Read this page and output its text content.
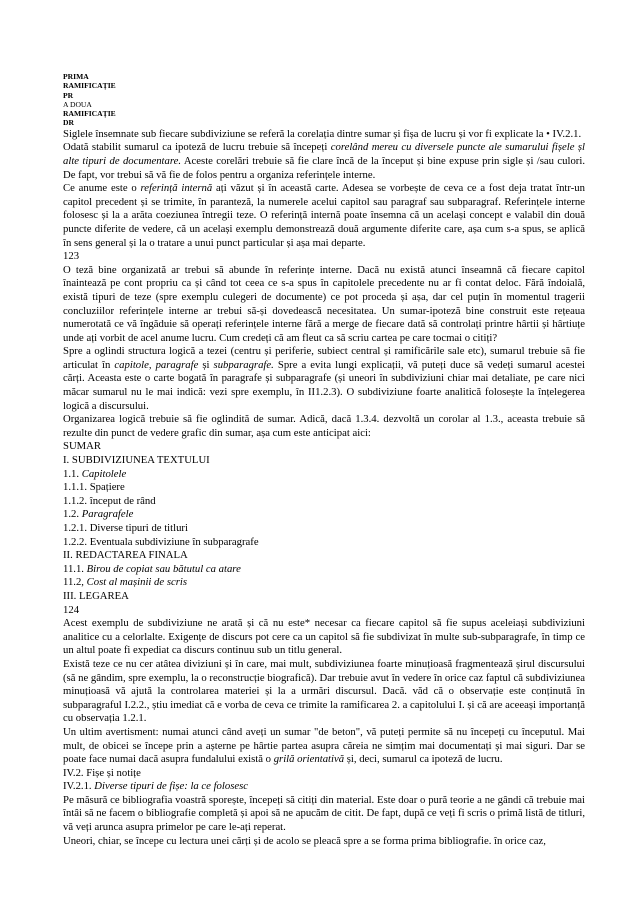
PRIMA
RAMIFICAȚIE
PR
A DOUA
RAMIFICAȚIE
DR
Siglele însemnate sub fiecare subdiviziune se referă la corelația dintre sumar și fișa de lucru și vor fi explicate la • IV.2.1.
Odată stabilit sumarul ca ipoteză de lucru trebuie să începeți corelând mereu cu diversele puncte ale sumarului fișele șl alte tipuri de documentare. Aceste corelări trebuie să fie clare încă de la început și bine expuse prin sigle și /sau culori. De fapt, vor trebui să vă fie de folos pentru a organiza referințele interne.
Ce anume este o referință internă ați văzut și în această carte. Adesea se vorbește de ceva ce a fost deja tratat într-un capitol precedent și se trimite, în paranteză, la numerele acelui capitol sau paragraf sau subparagraf. Referințele interne folosesc și la a arăta coeziunea întregii teze. O referință internă poate însemna că un același concept e valabil din două puncte diferite de vedere, că un același exemplu demonstrează două argumente diferite care, așa cum s-a spus, se aplică în sens general și la o tratare a unui punct particular și așa mai departe.
123
O teză bine organizată ar trebui să abunde în referințe interne. Dacă nu există atunci înseamnă că fiecare capitol înaintează pe cont propriu ca și când tot ceea ce s-a spus în capitolele precedente nu ar fi contat deloc. Fără îndoială, există tipuri de teze (spre exemplu culegeri de documente) ce pot proceda și așa, dar cel puțin în momentul tragerii concluziilor referințele interne ar trebui să-și dovedească necesitatea. Un sumar-ipoteză bine construit este rețeaua numerotată ce vă îngăduie să operați referințele interne fără a merge de fiecare dată să controlați printre hârtii și hârtiuțe unde ați vorbit de acel anume lucru. Cum credeți că am fleut ca să scriu cartea pe care tocmai o citiți?
Spre a oglindi structura logică a tezei (centru și periferie, subiect central și ramificările sale etc), sumarul trebuie să fie articulat în capitole, paragrafe și subparagrafe. Spre a evita lungi explicații, vă puteți duce să vedeți sumarul acestei cărți. Aceasta este o carte bogată în paragrafe și subparagrafe (și uneori în subdiviziuni chiar mai detaliate, pe care nici măcar sumarul nu le mai indică: vezi spre exemplu, în II1.2.3). O subdiviziune foarte analitică folosește la înțelegerea logică a discursului.
Organizarea logică trebuie să fie oglindită de sumar. Adică, dacă 1.3.4. dezvoltă un corolar al 1.3., aceasta trebuie să rezulte din punct de vedere grafic din sumar, așa cum este anticipat aici:
SUMAR
I. SUBDIVIZIUNEA TEXTULUI
1.1. Capitolele
1.1.1. Spațiere
1.1.2. început de rând
1.2. Paragrafele
1.2.1. Diverse tipuri de titluri
1.2.2. Eventuala subdiviziune în subparagrafe
II. REDACTAREA FINALA
11.1. Birou de copiat sau bătutul ca atare
11.2, Cost al mașinii de scris
III. LEGAREA
124
Acest exemplu de subdiviziune ne arată și că nu este* necesar ca fiecare capitol să fie supus aceleiași subdiviziuni analitice cu a celorlalte. Exigențe de discurs pot cere ca un capitol să fie subdivizat în multe sub-subparagrafe, în timp ce un altul poate fi expediat ca discurs continuu sub un titlu general.
Există teze ce nu cer atâtea diviziuni și în care, mai mult, subdiviziunea foarte minuțioasă fragmentează șirul discursului (să ne gândim, spre exemplu, la o reconstrucție biografică). Dar trebuie avut în vedere în orice caz faptul că subdiviziunea minuțioasă vă ajută la controlarea materiei și la a urmări discursul. Dacă. văd că o observație este conținută în subparagraful I.2.2., știu imediat că e vorba de ceva ce trimite la ramificarea 2. a capitolului I. și că are aceeași importanță cu observația 1.2.1.
Un ultim avertisment: numai atunci când aveți un sumar "de beton", vă puteți permite să nu începeți cu începutul. Mai mult, de obicei se începe prin a așterne pe hârtie partea asupra căreia ne simțim mai documentați și mai siguri. Dar se poate face numai dacă asupra fundalului există o grilă orientativă și, deci, sumarul ca ipoteză de lucru.
IV.2. Fișe și notițe
IV.2.1. Diverse tipuri de fișe: la ce folosesc
Pe măsură ce bibliografia voastră sporește, începeți să citiți din material. Este doar o pură teorie a ne gândi că trebuie mai întâi să ne facem o bibliografie completă și apoi să ne apucăm de citit. De fapt, după ce veți fi scris o primă listă de titluri, vă veți arunca asupra primelor pe care le-ați reperat.
Uneori, chiar, se începe cu lectura unei cărți și de acolo se pleacă spre a se forma prima bibliografie. în orice caz,
